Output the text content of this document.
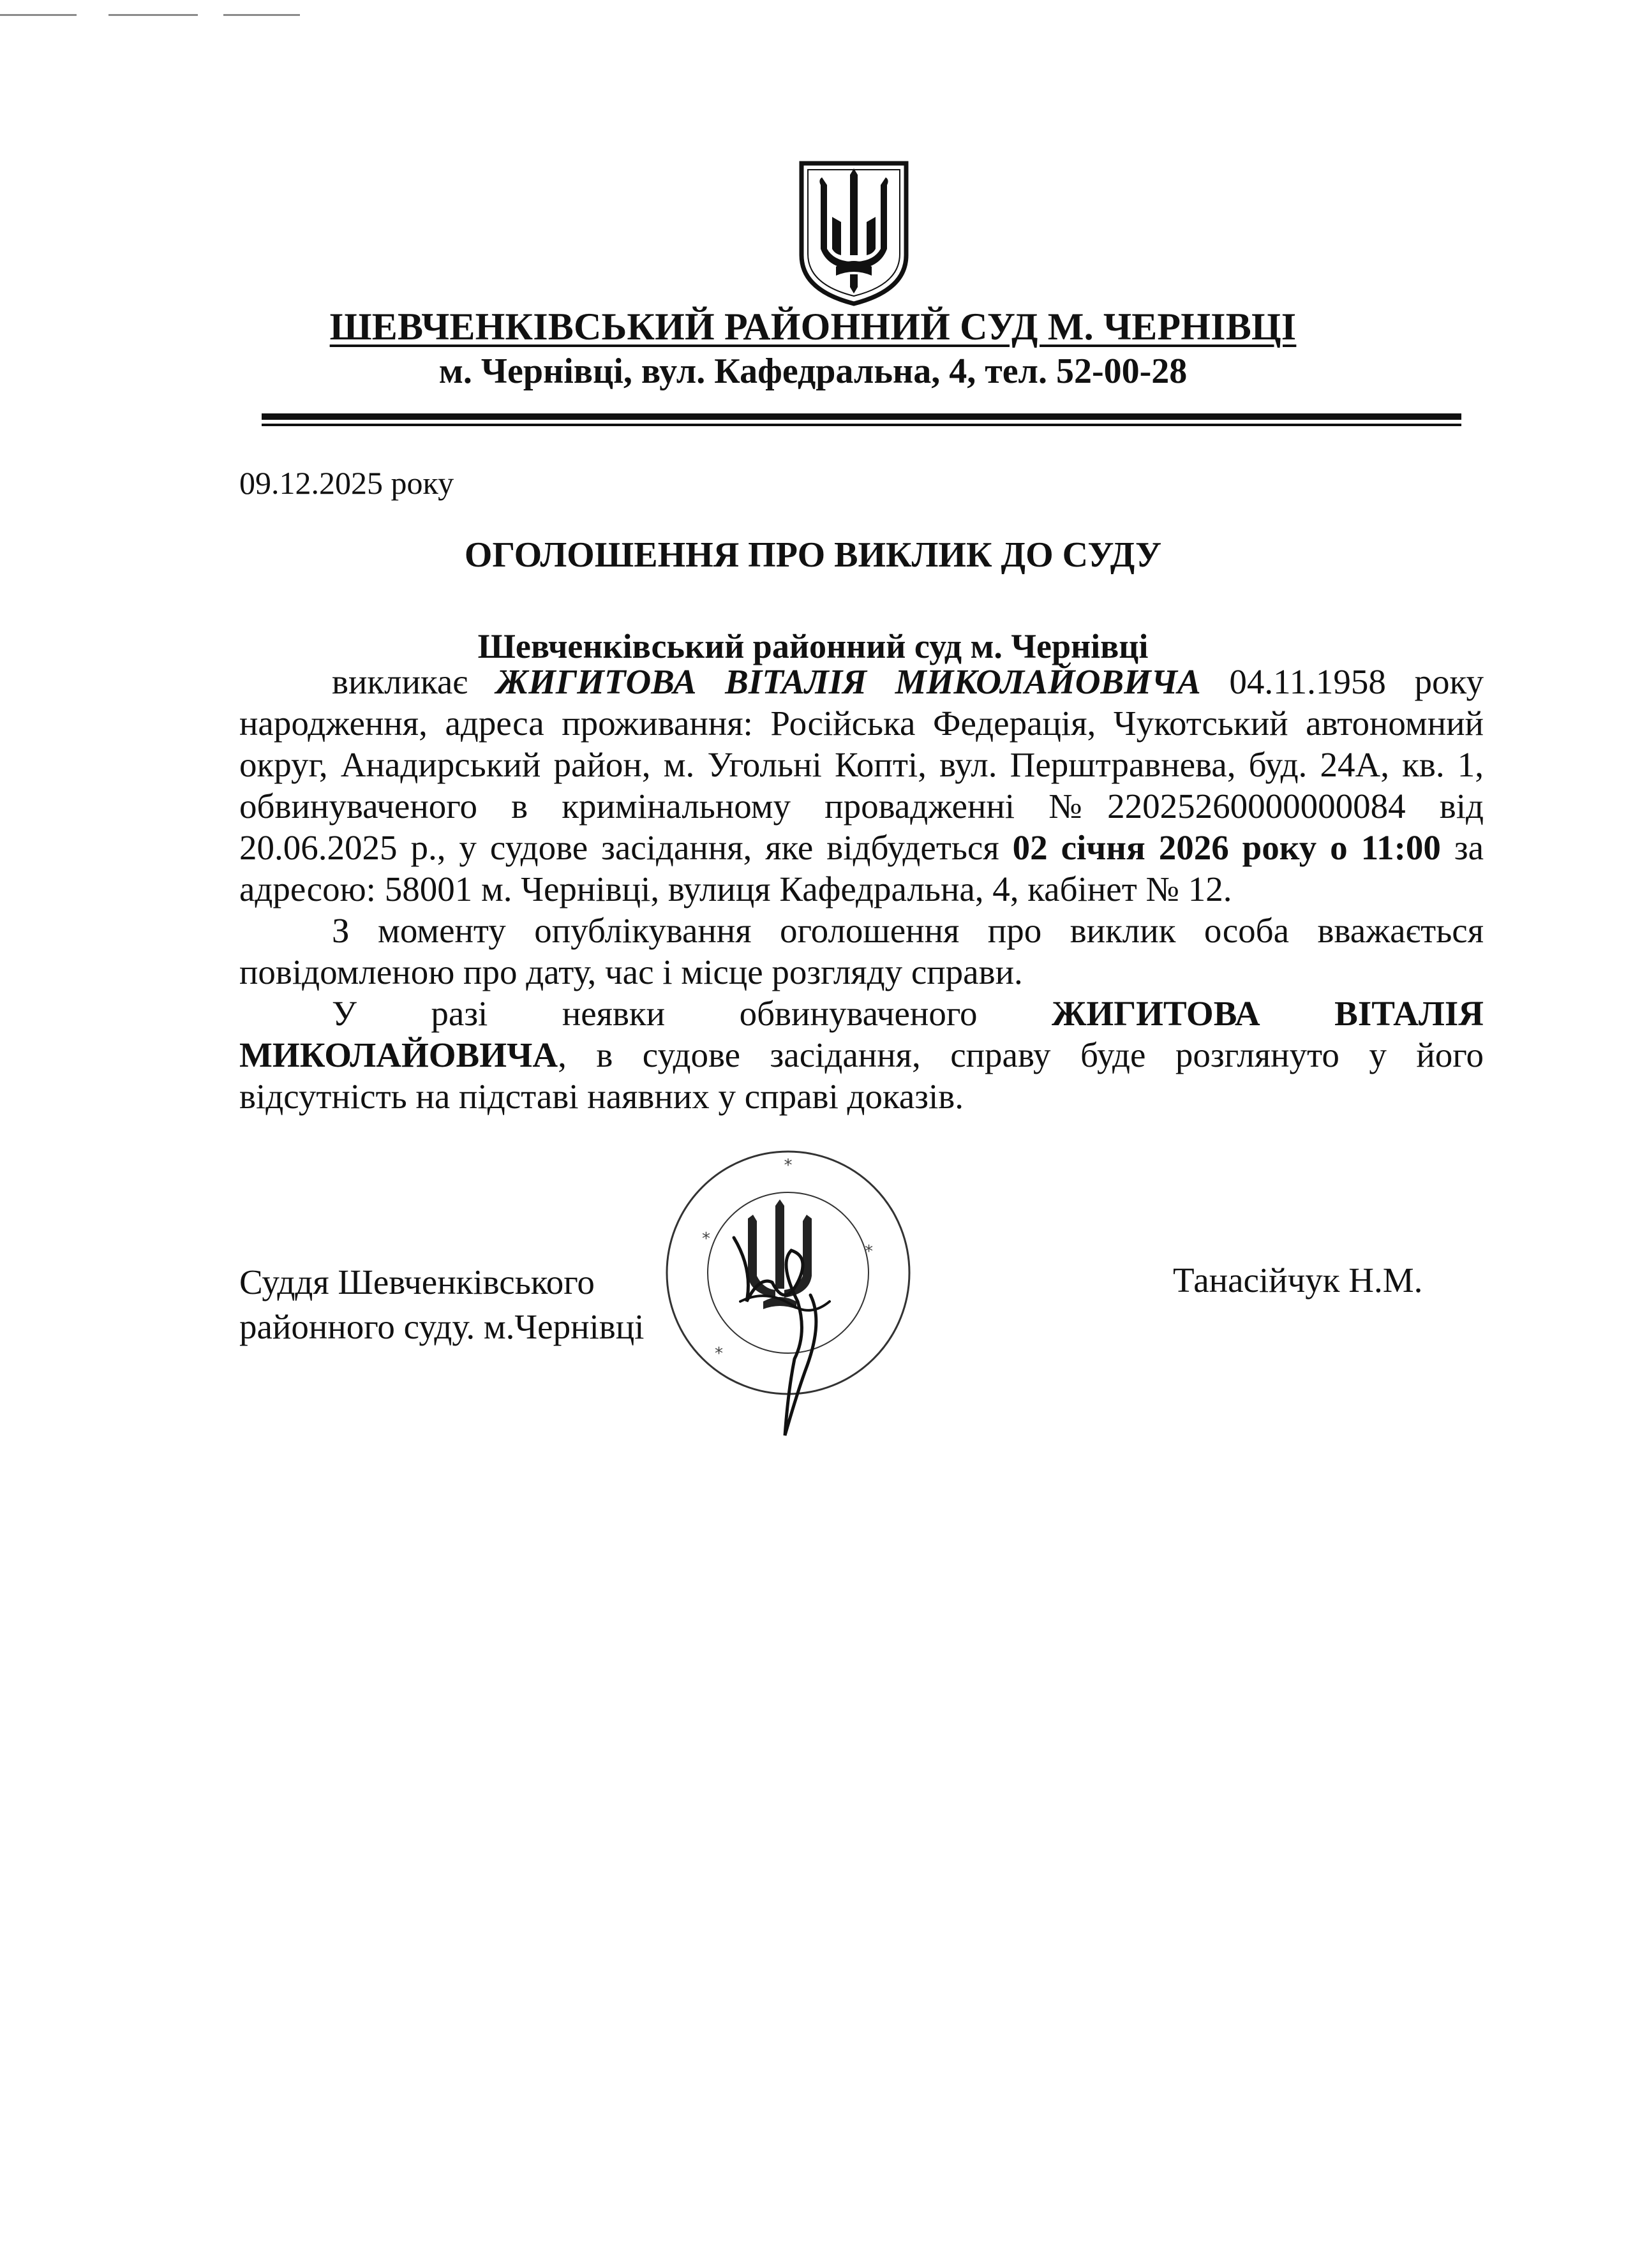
ШЕВЧЕНКІВСЬКИЙ РАЙОННИЙ СУД М. ЧЕРНІВЦІ
м. Чернівці, вул. Кафедральна, 4, тел. 52-00-28
09.12.2025 року
ОГОЛОШЕННЯ ПРО ВИКЛИК ДО СУДУ
Шевченківський районний суд м. Чернівці

викликає ЖИГИТОВА ВІТАЛІЯ МИКОЛАЙОВИЧА 04.11.1958 року народження, адреса проживання: Російська Федерація, Чукотський автономний округ, Анадирський район, м. Угольні Копті, вул. Перштравнева, буд. 24А, кв. 1, обвинуваченого в кримінальному провадженні №22025260000000084 від 20.06.2025 р., у судове засідання, яке відбудеться 02 січня 2026 року о 11:00 за адресою: 58001 м. Чернівці, вулиця Кафедральна, 4, кабінет № 12.

З моменту опублікування оголошення про виклик особа вважається повідомленою про дату, час і місце розгляду справи.

У разі неявки обвинуваченого ЖИГИТОВА ВІТАЛІЯ МИКОЛАЙОВИЧА, в судове засідання, справу буде розглянуто у його відсутність на підставі наявних у справі доказів.

Суддя Шевченківського
районного суду. м.Чернівці
Танасійчук Н.М.
*
*
*
*
